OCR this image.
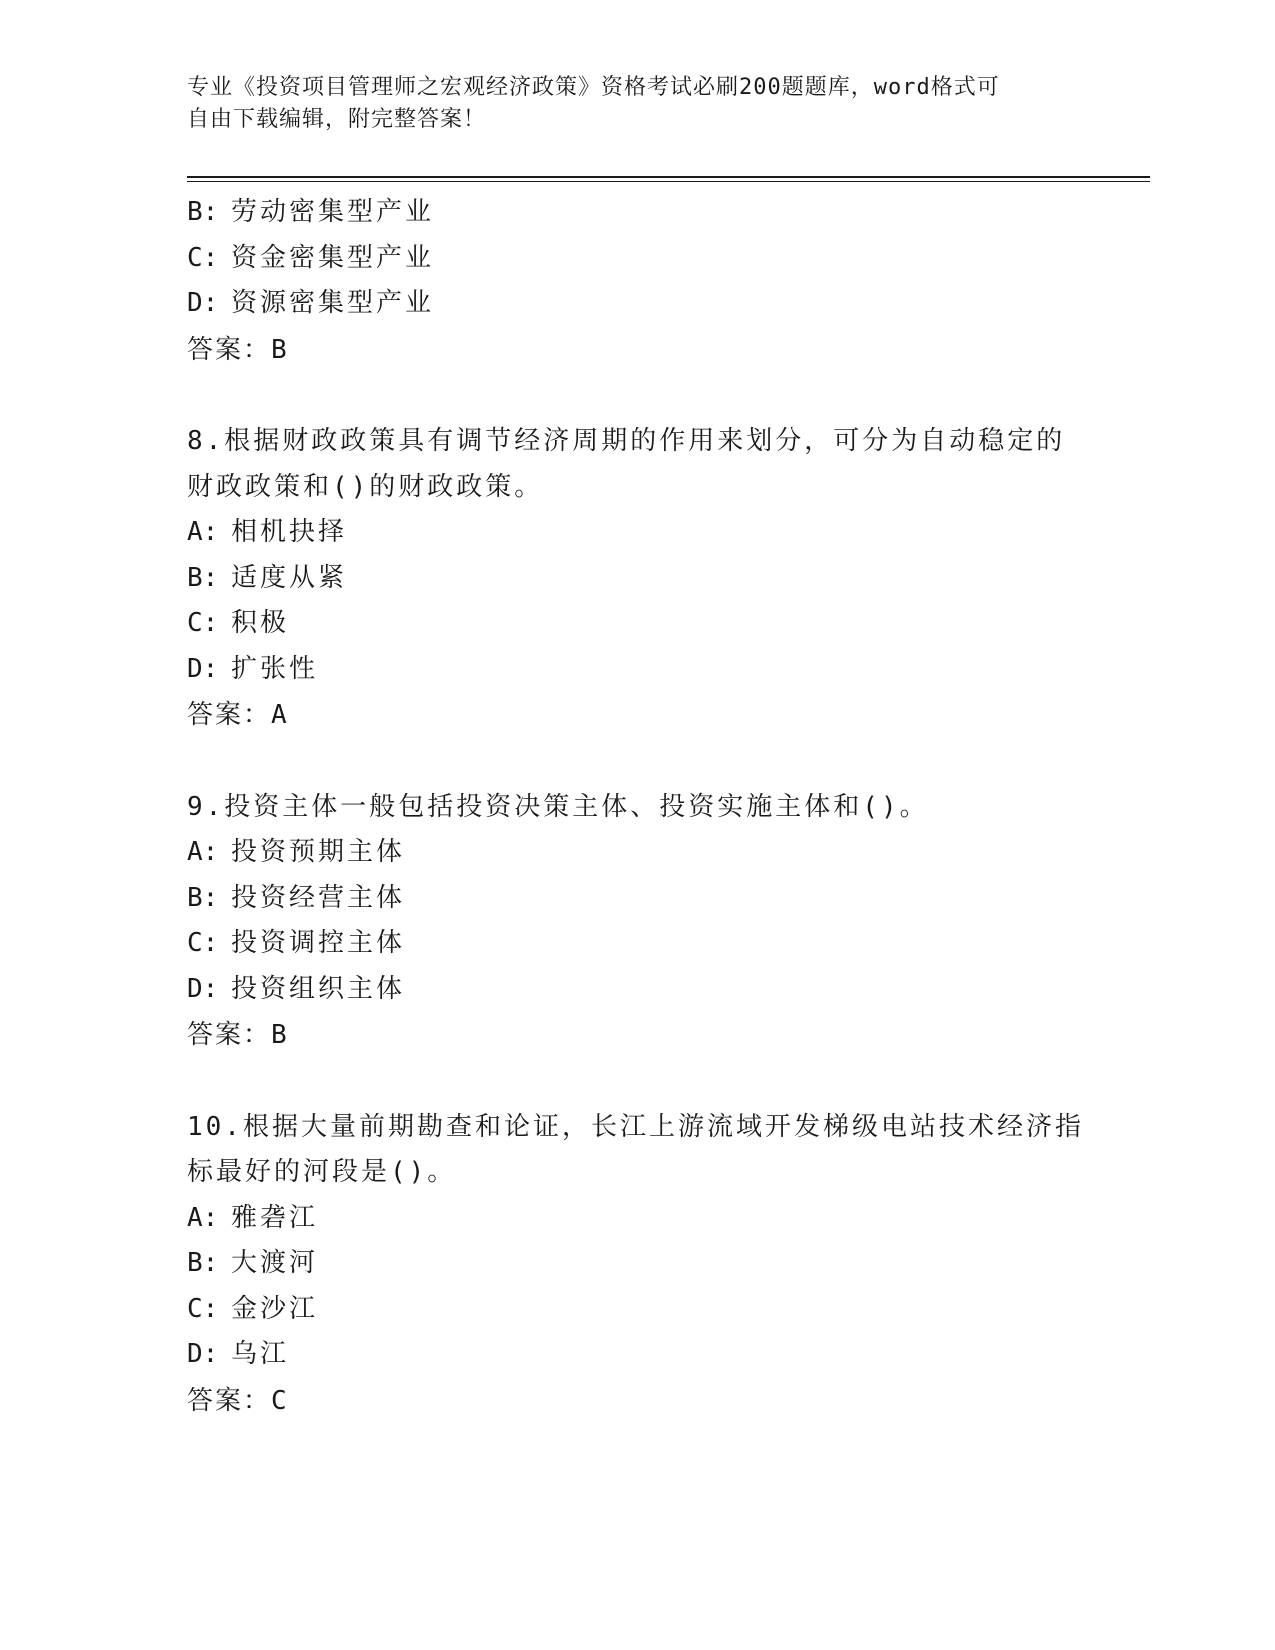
专业《投资项目管理师之宏观经济政策》资格考试必刷200题题库，word格式可
自由下载编辑，附完整答案！
B: 劳动密集型产业
C: 资金密集型产业
D: 资源密集型产业
答案：B
8.根据财政政策具有调节经济周期的作用来划分，可分为自动稳定的
财政政策和()的财政政策。
A: 相机抉择
B: 适度从紧
C: 积极
D: 扩张性
答案：A
9.投资主体一般包括投资决策主体、投资实施主体和()。
A: 投资预期主体
B: 投资经营主体
C: 投资调控主体
D: 投资组织主体
答案：B
10.根据大量前期勘查和论证，长江上游流域开发梯级电站技术经济指
标最好的河段是()。
A: 雅砻江
B: 大渡河
C: 金沙江
D: 乌江
答案：C
